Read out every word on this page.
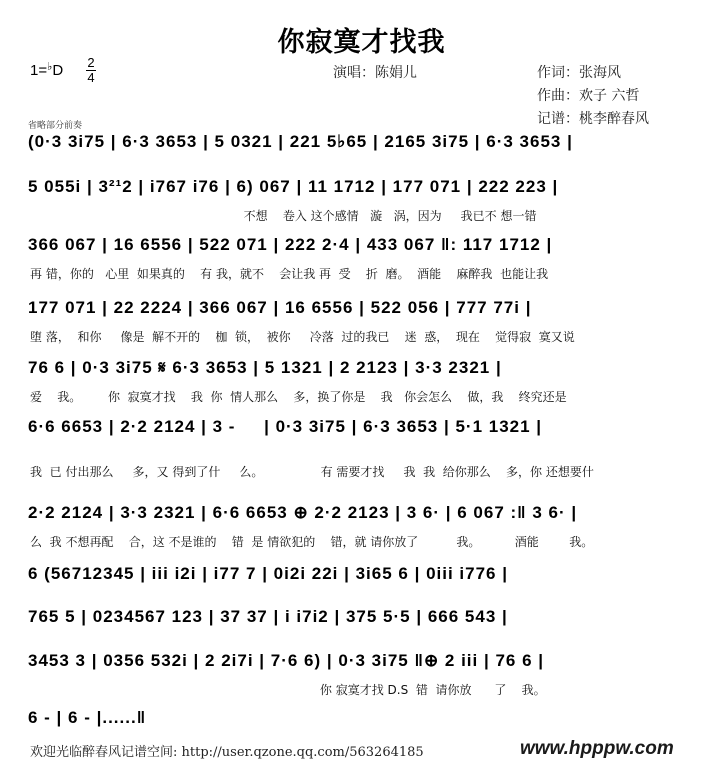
你寂寞才找我
1=♭D 2
4	演唱：陈娟儿	作词：张海风
作曲：欢子 六哲
记谱：桃李醉春风
省略部分前奏
(0·3 3i75 | 6·3 3653 | 5 0321 | 221 5♭65 | 2165 3i75 | 6·3 3653 |
5 055i | 3²¹2 | i767 i76 | 6) 067 | 11 1712 | 177 071 | 222 223 |
不想    卷入 这个感情   漩   涡，因为     我已不 想一错
366 067 | 16 6556 | 522 071 | 222 2·4 | 433 067 ‖: 117 1712 |
再 错，你的   心里  如果真的    有 我，就不    会让我 再  受    折  磨。  酒能    麻醉我  也能让我
177 071 | 22 2224 | 366 067 | 16 6556 | 522 056 | 777 77i |
堕 落，  和你     像是  解不开的    枷  锁，  被你     冷落  过的我已    迷  惑，  现在    觉得寂  寞又说
76 6 | 0·3 3i75 𝄋 6·3 3653 | 5 1321 | 2 2123 | 3·3 2321 |
爱    我。       你  寂寞才找    我  你  情人那么    多，换了你是    我   你会怎么    做，我    终究还是
6·6 6653 | 2·2 2124 | 3 -     | 0·3 3i75 | 6·3 3653 | 5·1 1321 |
我  已 付出那么     多，又 得到了什     么。               有 需要才找     我  我  给你那么    多，你 还想要什
2·2 2124 | 3·3 2321 | 6·6 6653 ⊕ 2·2 2123 | 3 6· | 6 067 :‖ 3 6· |
么  我 不想再配    合，这 不是谁的    错  是 情欲犯的    错，就 请你放了          我。         酒能        我。
6 (56712345 | iii i2i | i77 7 | 0i2i 22i | 3i65 6 | 0iii i776 |
765 5 | 0234567 123 | 37 37 | i i7i2 | 375 5·5 | 666 543 |
3453 3 | 0356 532i | 2 2i7i | 7·6 6) | 0·3 3i75 ‖⊕ 2 iii | 76 6 |
你 寂寞才找 D.S  错  请你放      了    我。
6 - | 6 - |......‖
欢迎光临醉春风记谱空间: http://user.qzone.qq.com/563264185	www.hpppw.com
